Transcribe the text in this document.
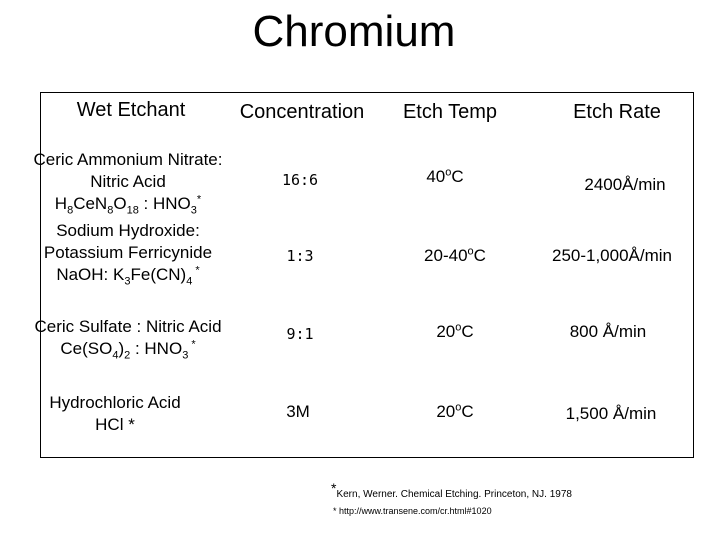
Chromium
Wet Etchant	Concentration	Etch Temp	Etch Rate
Ceric Ammonium Nitrate:
Nitric Acid
$H_8CeN_8O_{18}$ : $HNO_3^*$
16:6	40$^o$C	2400Å/min
Sodium Hydroxide:
Potassium Ferricynide
NaOH: $K_3Fe(CN)_4$ *
1:3	20-40$^o$C	250-1,000Å/min
Ceric Sulfate : Nitric Acid
$Ce(SO_4)_2$ : $HNO_3$ *
9:1	20$^o$C	800 Å/min
Hydrochloric Acid
HCl *
3M	20$^o$C	1,500 Å/min
*Kern, Werner. Chemical Etching. Princeton, NJ. 1978
* http://www.transene.com/cr.html#1020
